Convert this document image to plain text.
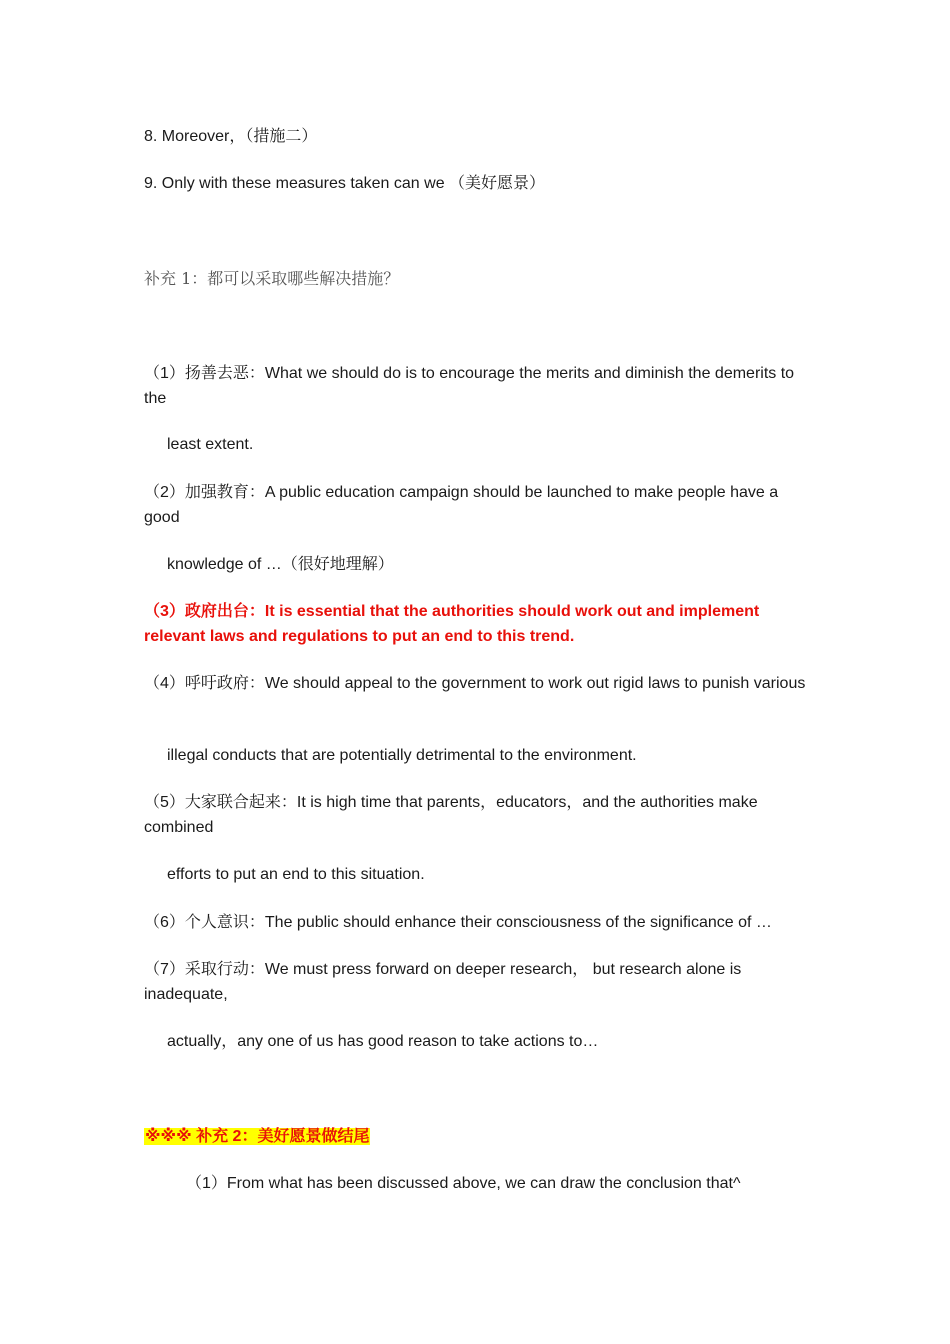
8. Moreover，（措施二）

9. Only with these measures taken can we （美好愿景）

补充 1：都可以采取哪些解决措施？

（1）扬善去恶：What we should do is to encourage the merits and diminish the demerits to the

least extent.

（2）加强教育：A public education campaign should be launched to make people have a good

knowledge of …（很好地理解）

（3）政府出台：It is essential that the authorities should work out and implement relevant laws and regulations to put an end to this trend.

（4）呼吁政府：We should appeal to the government to work out rigid laws to punish various

illegal conducts that are potentially detrimental to the environment.

（5）大家联合起来：It is high time that parents，educators，and the authorities make combined

efforts to put an end to this situation.

（6）个人意识：The public should enhance their consciousness of the significance of …

（7）采取行动：We must press forward on deeper research， but research alone is inadequate,

actually，any one of us has good reason to take actions to…

※※※ 补充 2：美好愿景做结尾

（1）From what has been discussed above, we can draw the conclusion that^
